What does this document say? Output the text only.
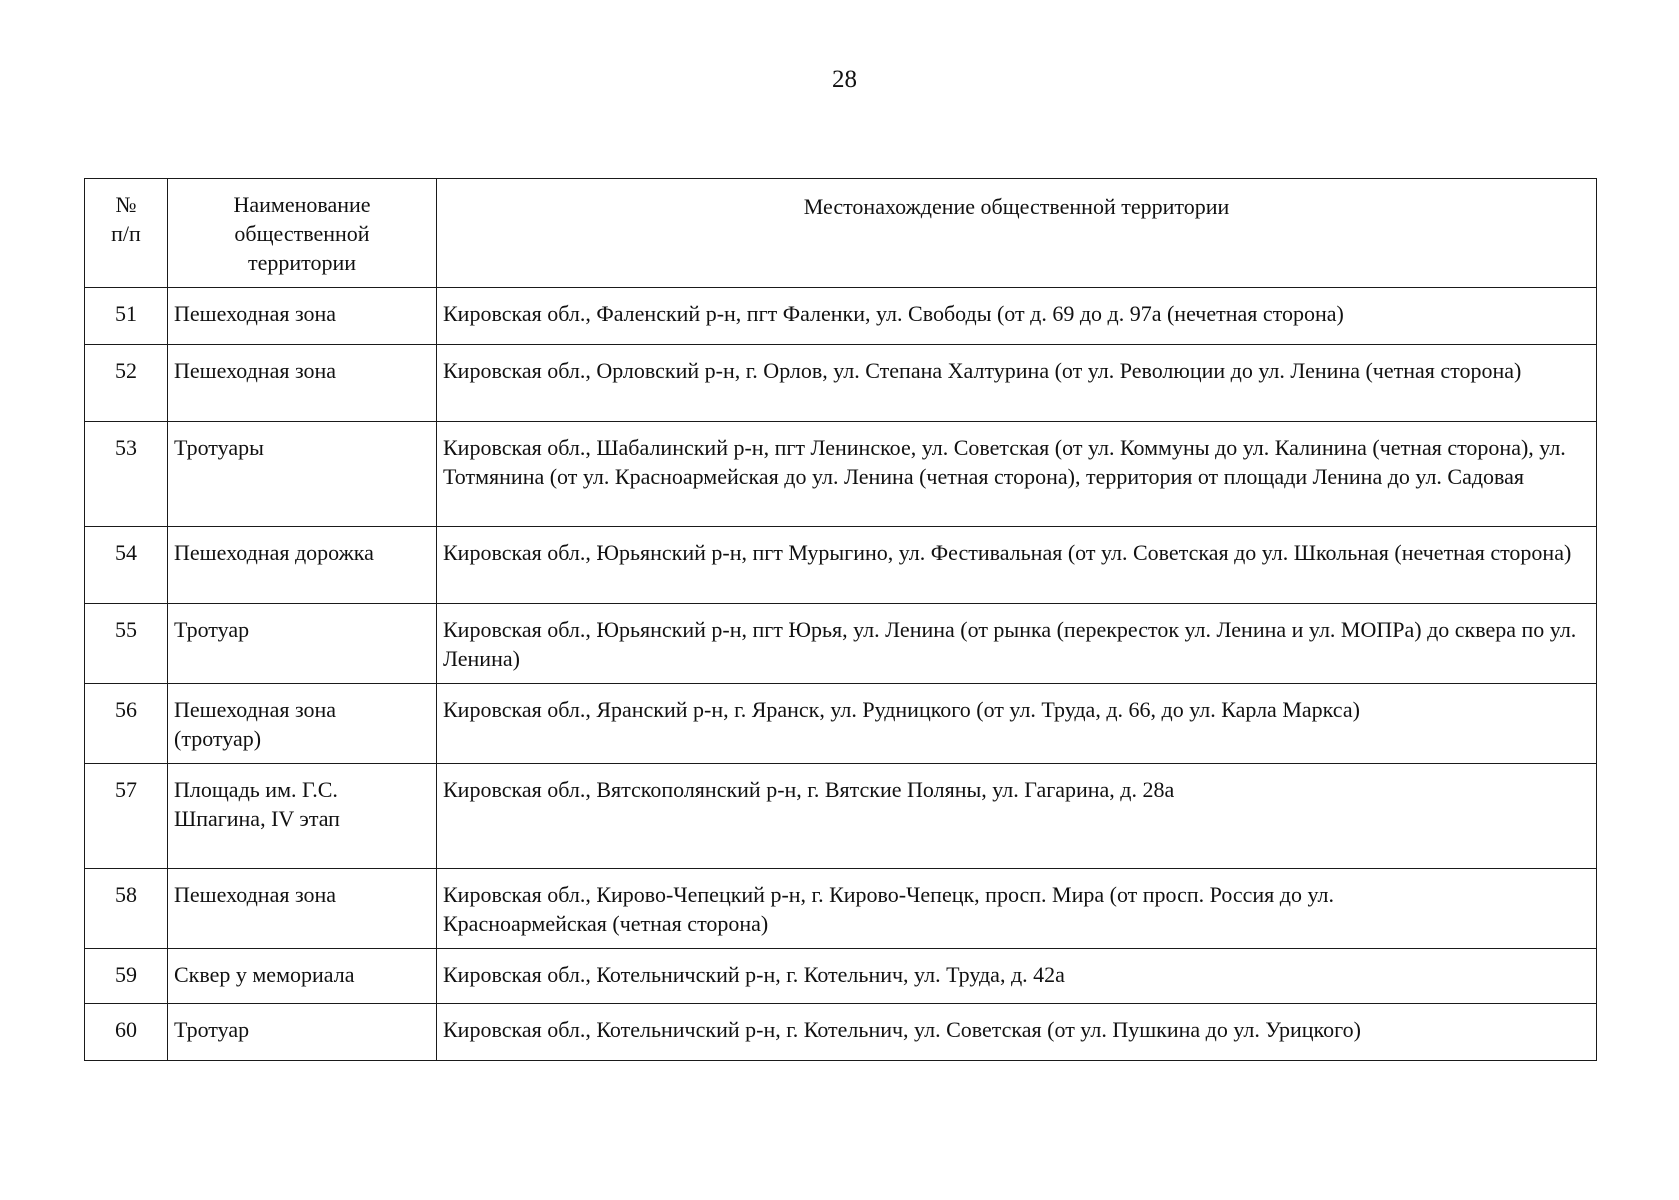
28
№ п/п	Наименование общественной территории	Местонахождение общественной территории

51	Пешеходная зона	Кировская обл., Фаленский р-н, пгт Фаленки, ул. Свободы (от д. 69 до д. 97а (нечетная сторона)
52	Пешеходная зона	Кировская обл., Орловский р-н, г. Орлов, ул. Степана Халтурина (от ул. Революции до ул. Ленина (четная сторона)
53	Тротуары	Кировская обл., Шабалинский р-н, пгт Ленинское, ул. Советская (от ул. Коммуны до ул. Калинина (четная сторона), ул. Тотмянина (от ул. Красноармейская до ул. Ленина (четная сторона), территория от площади Ленина до ул. Садовая
54	Пешеходная дорожка	Кировская обл., Юрьянский р-н, пгт Мурыгино, ул. Фестивальная (от ул. Советская до ул. Школьная (нечетная сторона)
55	Тротуар	Кировская обл., Юрьянский р-н, пгт Юрья, ул. Ленина (от рынка (перекресток ул. Ленина и ул. МОПРа) до сквера по ул. Ленина)
56	Пешеходная зона (тротуар)	Кировская обл., Яранский р-н, г. Яранск, ул. Рудницкого (от ул. Труда, д. 66, до ул. Карла Маркса)
57	Площадь им. Г.С. Шпагина, IV этап	Кировская обл., Вятскополянский р-н, г. Вятские Поляны, ул. Гагарина, д. 28а
58	Пешеходная зона	Кировская обл., Кирово-Чепецкий р-н, г. Кирово-Чепецк, просп. Мира (от просп. Россия до ул. Красноармейская (четная сторона)

59	Сквер у мемориала	Кировская обл., Котельничский р-н, г. Котельнич, ул. Труда, д. 42а
60	Тротуар	Кировская обл., Котельничский р-н, г. Котельнич, ул. Советская (от ул. Пушкина до ул. Урицкого)
